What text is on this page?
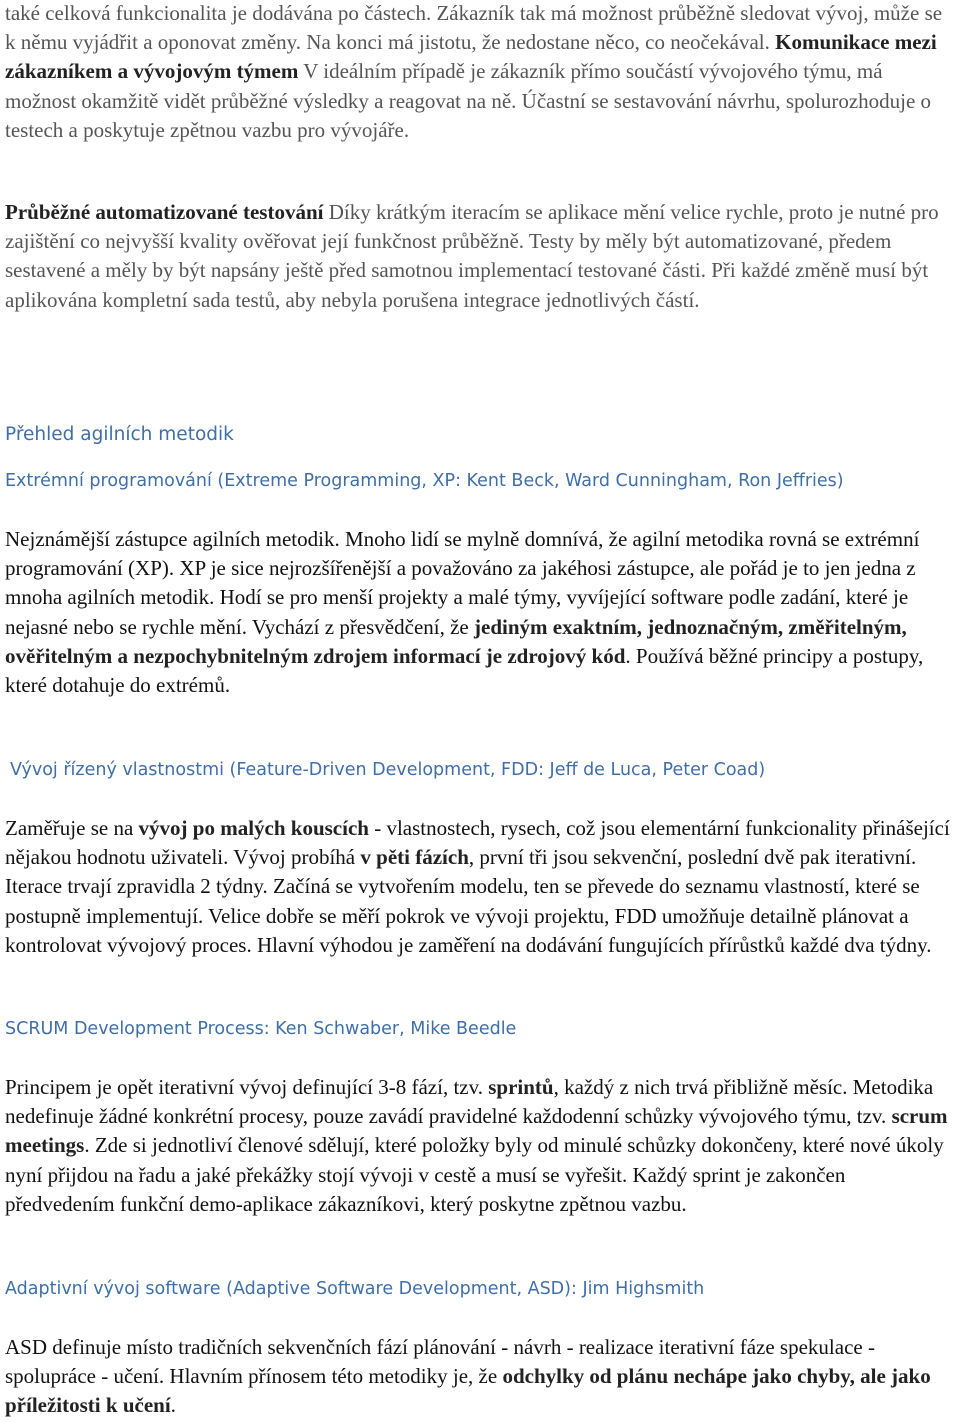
také celková funkcionalita je dodávána po částech. Zákazník tak má možnost průběžně sledovat vývoj, může se k němu vyjádřit a oponovat změny. Na konci má jistotu, že nedostane něco, co neočekával. Komunikace mezi zákazníkem a vývojovým týmem V ideálním případě je zákazník přímo součástí vývojového týmu, má možnost okamžitě vidět průběžné výsledky a reagovat na ně. Účastní se sestavování návrhu, spolurozhoduje o testech a poskytuje zpětnou vazbu pro vývojáře.

Průběžné automatizované testování Díky krátkým iteracím se aplikace mění velice rychle, proto je nutné pro zajištění co nejvyšší kvality ověřovat její funkčnost průběžně. Testy by měly být automatizované, předem sestavené a měly by být napsány ještě před samotnou implementací testované části. Při každé změně musí být aplikována kompletní sada testů, aby nebyla porušena integrace jednotlivých částí.

Přehled agilních metodik
Extrémní programování (Extreme Programming, XP: Kent Beck, Ward Cunningham, Ron Jeffries)

Nejznámější zástupce agilních metodik. Mnoho lidí se mylně domnívá, že agilní metodika rovná se extrémní programování (XP). XP je sice nejrozšířenější a považováno za jakéhosi zástupce, ale pořád je to jen jedna z mnoha agilních metodik. Hodí se pro menší projekty a malé týmy, vyvíjející software podle zadání, které je nejasné nebo se rychle mění. Vychází z přesvědčení, že jediným exaktním, jednoznačným, změřitelným, ověřitelným a nezpochybnitelným zdrojem informací je zdrojový kód. Používá běžné principy a postupy, které dotahuje do extrémů.

Vývoj řízený vlastnostmi (Feature-Driven Development, FDD: Jeff de Luca, Peter Coad)

Zaměřuje se na vývoj po malých kouscích - vlastnostech, rysech, což jsou elementární funkcionality přinášející nějakou hodnotu uživateli. Vývoj probíhá v pěti fázích, první tři jsou sekvenční, poslední dvě pak iterativní. Iterace trvají zpravidla 2 týdny. Začíná se vytvořením modelu, ten se převede do seznamu vlastností, které se postupně implementují. Velice dobře se měří pokrok ve vývoji projektu, FDD umožňuje detailně plánovat a kontrolovat vývojový proces. Hlavní výhodou je zaměření na dodávání fungujících přírůstků každé dva týdny.

SCRUM Development Process: Ken Schwaber, Mike Beedle

Principem je opět iterativní vývoj definující 3-8 fází, tzv. sprintů, každý z nich trvá přibližně měsíc. Metodika nedefinuje žádné konkrétní procesy, pouze zavádí pravidelné každodenní schůzky vývojového týmu, tzv. scrum meetings. Zde si jednotliví členové sdělují, které položky byly od minulé schůzky dokončeny, které nové úkoly nyní přijdou na řadu a jaké překážky stojí vývoji v cestě a musí se vyřešit. Každý sprint je zakončen předvedením funkční demo-aplikace zákazníkovi, který poskytne zpětnou vazbu.

Adaptivní vývoj software (Adaptive Software Development, ASD): Jim Highsmith

ASD definuje místo tradičních sekvenčních fází plánování - návrh - realizace iterativní fáze spekulace - spolupráce - učení. Hlavním přínosem této metodiky je, že odchylky od plánu nechápe jako chyby, ale jako příležitosti k učení.
